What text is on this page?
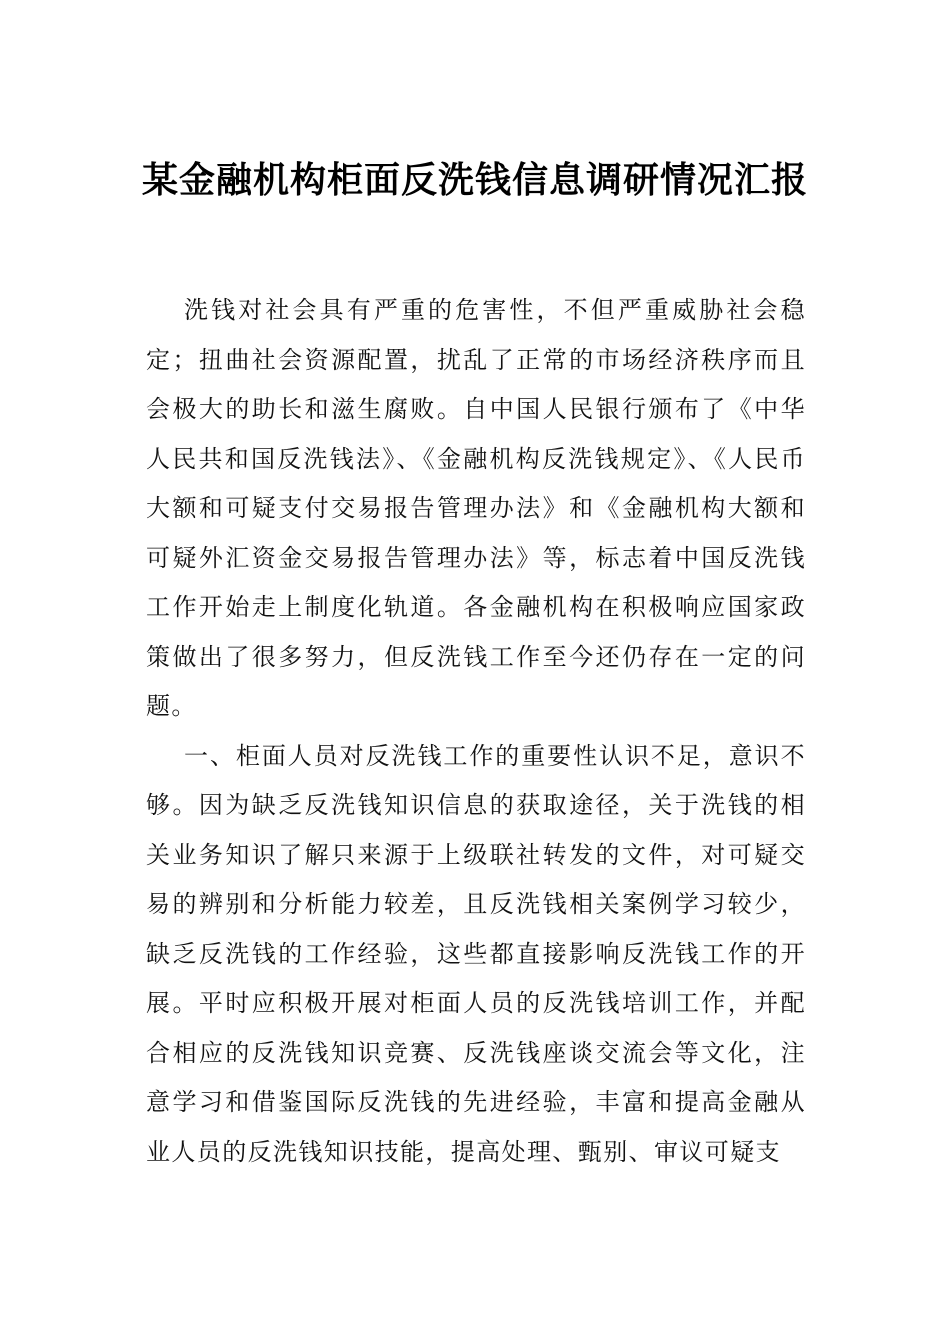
某金融机构柜面反洗钱信息调研情况汇报

洗钱对社会具有严重的危害性，不但严重威胁社会稳定；扭曲社会资源配置，扰乱了正常的市场经济秩序而且会极大的助长和滋生腐败。自中国人民银行颁布了《中华人民共和国反洗钱法》、《金融机构反洗钱规定》、《人民币大额和可疑支付交易报告管理办法》和《金融机构大额和可疑外汇资金交易报告管理办法》等，标志着中国反洗钱工作开始走上制度化轨道。各金融机构在积极响应国家政策做出了很多努力，但反洗钱工作至今还仍存在一定的问题。

一、柜面人员对反洗钱工作的重要性认识不足，意识不够。因为缺乏反洗钱知识信息的获取途径，关于洗钱的相关业务知识了解只来源于上级联社转发的文件，对可疑交易的辨别和分析能力较差，且反洗钱相关案例学习较少，缺乏反洗钱的工作经验，这些都直接影响反洗钱工作的开展。平时应积极开展对柜面人员的反洗钱培训工作，并配合相应的反洗钱知识竞赛、反洗钱座谈交流会等文化，注意学习和借鉴国际反洗钱的先进经验，丰富和提高金融从业人员的反洗钱知识技能，提高处理、甄别、审议可疑支
